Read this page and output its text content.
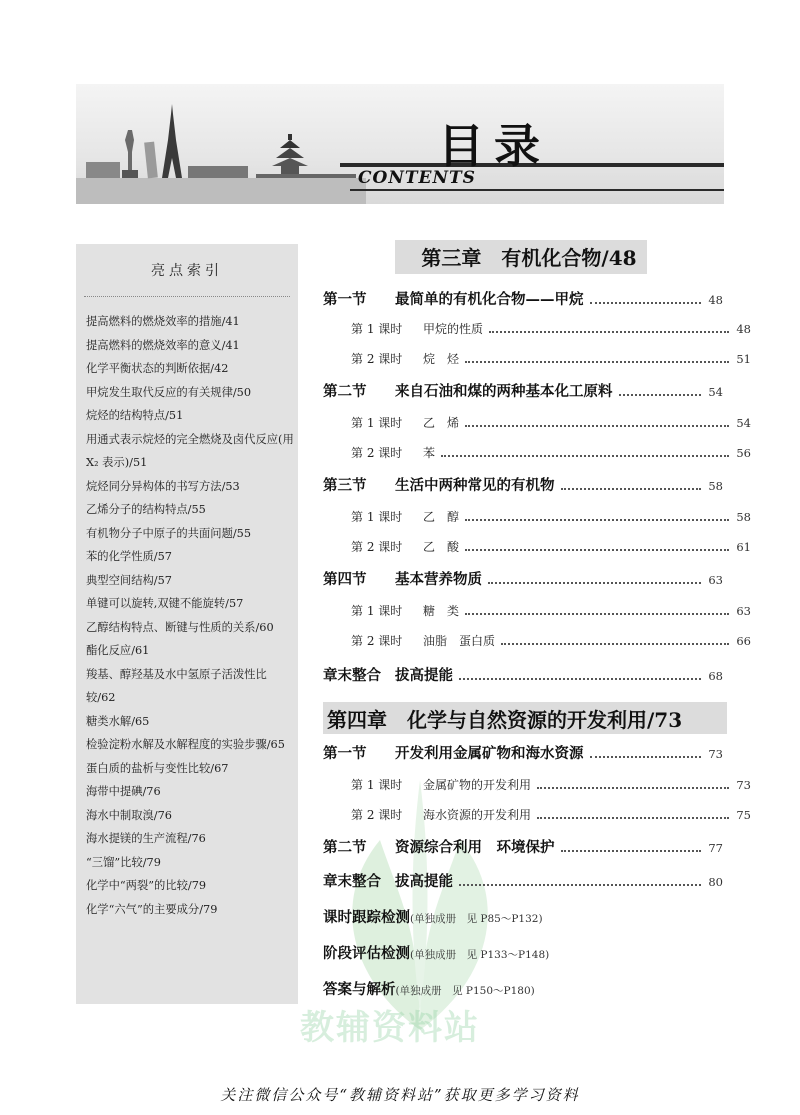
目录
CONTENTS
亮点索引
提高燃料的燃烧效率的措施/41
提高燃料的燃烧效率的意义/41
化学平衡状态的判断依据/42
甲烷发生取代反应的有关规律/50
烷烃的结构特点/51
用通式表示烷烃的完全燃烧及卤代反应(用 X₂ 表示)/51
烷烃同分异构体的书写方法/53
乙烯分子的结构特点/55
有机物分子中原子的共面问题/55
苯的化学性质/57
典型空间结构/57
单键可以旋转,双键不能旋转/57
乙醇结构特点、断键与性质的关系/60
酯化反应/61
羧基、醇羟基及水中氢原子活泼性比较/62
糖类水解/65
检验淀粉水解及水解程度的实验步骤/65
蛋白质的盐析与变性比较/67
海带中提碘/76
海水中制取溴/76
海水提镁的生产流程/76
“三馏”比较/79
化学中“两裂”的比较/79
化学“六气”的主要成分/79
教辅资料站
第三章　有机化合物/48
第一节	最简单的有机化合物——甲烷	48
第 1 课时	甲烷的性质	48
第 2 课时	烷　烃	51
第二节	来自石油和煤的两种基本化工原料	54
第 1 课时	乙　烯	54
第 2 课时	苯	56
第三节	生活中两种常见的有机物	58
第 1 课时	乙　醇	58
第 2 课时	乙　酸	61
第四节	基本营养物质	63
第 1 课时	糖　类	63
第 2 课时	油脂　蛋白质	66
章末整合 拔高提能	68
第四章　化学与自然资源的开发利用/73
第一节	开发利用金属矿物和海水资源	73
第 1 课时	金属矿物的开发利用	73
第 2 课时	海水资源的开发利用	75
第二节	资源综合利用　环境保护	77
章末整合 拔高提能	80
课时跟踪检测 (单独成册　见 P85～P132)
阶段评估检测 (单独成册　见 P133～P148)
答案与解析 (单独成册　见 P150～P180)
关注微信公众号“教辅资料站”获取更多学习资料
